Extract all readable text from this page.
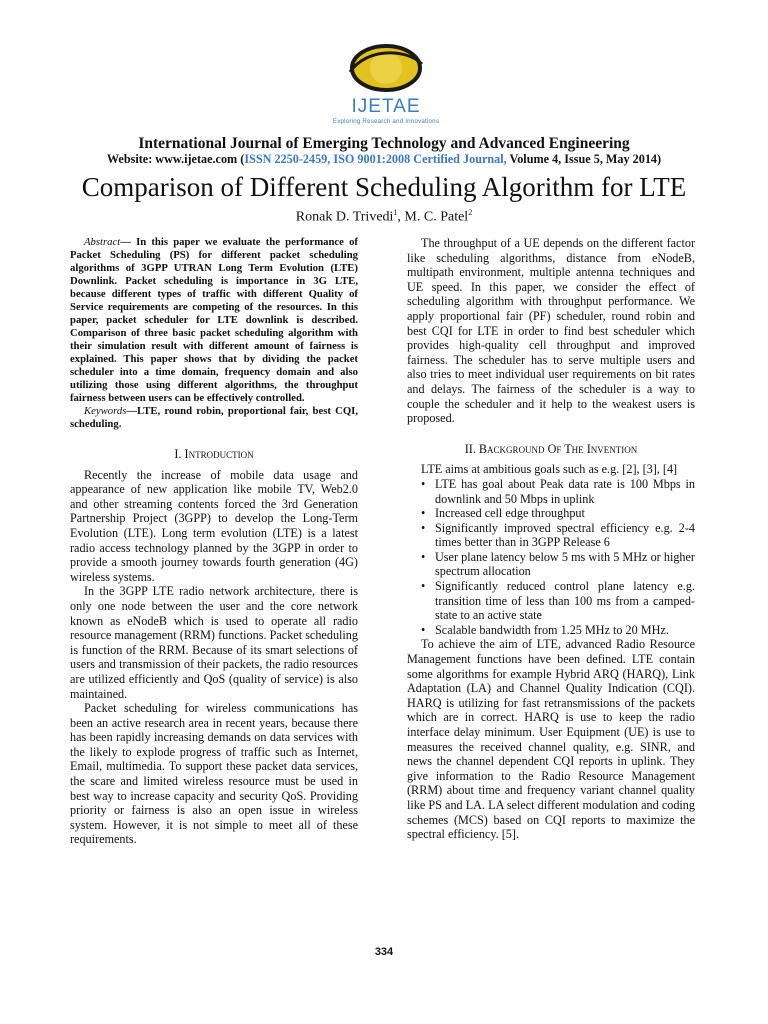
IJETAE
Exploring Research and Innovations
International Journal of Emerging Technology and Advanced Engineering
Website: www.ijetae.com (ISSN 2250-2459, ISO 9001:2008 Certified Journal, Volume 4, Issue 5, May 2014)
Comparison of Different Scheduling Algorithm for LTE
Ronak D. Trivedi$^1$, M. C. Patel$^2$

Abstract— In this paper we evaluate the performance of Packet Scheduling (PS) for different packet scheduling algorithms of 3GPP UTRAN Long Term Evolution (LTE) Downlink. Packet scheduling is importance in 3G LTE, because different types of traffic with different Quality of Service requirements are competing of the resources. In this paper, packet scheduler for LTE downlink is described. Comparison of three basic packet scheduling algorithm with their simulation result with different amount of fairness is explained. This paper shows that by dividing the packet scheduler into a time domain, frequency domain and also utilizing those using different algorithms, the throughput fairness between users can be effectively controlled.

Keywords—LTE, round robin, proportional fair, best CQI, scheduling.

I. Introduction

Recently the increase of mobile data usage and appearance of new application like mobile TV, Web2.0 and other streaming contents forced the 3rd Generation Partnership Project (3GPP) to develop the Long-Term Evolution (LTE). Long term evolution (LTE) is a latest radio access technology planned by the 3GPP in order to provide a smooth journey towards fourth generation (4G) wireless systems.

In the 3GPP LTE radio network architecture, there is only one node between the user and the core network known as eNodeB which is used to operate all radio resource management (RRM) functions. Packet scheduling is function of the RRM. Because of its smart selections of users and transmission of their packets, the radio resources are utilized efficiently and QoS (quality of service) is also maintained.

Packet scheduling for wireless communications has been an active research area in recent years, because there has been rapidly increasing demands on data services with the likely to explode progress of traffic such as Internet, Email, multimedia. To support these packet data services, the scare and limited wireless resource must be used in best way to increase capacity and security QoS. Providing priority or fairness is also an open issue in wireless system. However, it is not simple to meet all of these requirements.

The throughput of a UE depends on the different factor like scheduling algorithms, distance from eNodeB, multipath environment, multiple antenna techniques and UE speed. In this paper, we consider the effect of scheduling algorithm with throughput performance. We apply proportional fair (PF) scheduler, round robin and best CQI for LTE in order to find best scheduler which provides high-quality cell throughput and improved fairness. The scheduler has to serve multiple users and also tries to meet individual user requirements on bit rates and delays. The fairness of the scheduler is a way to couple the scheduler and it help to the weakest users is proposed.

II. Background Of The Invention

LTE aims at ambitious goals such as e.g. [2], [3], [4]

• LTE has goal about Peak data rate is 100 Mbps in downlink and 50 Mbps in uplink
• Increased cell edge throughput
• Significantly improved spectral efficiency e.g. 2-4 times better than in 3GPP Release 6
• User plane latency below 5 ms with 5 MHz or higher spectrum allocation
• Significantly reduced control plane latency e.g. transition time of less than 100 ms from a camped-state to an active state
• Scalable bandwidth from 1.25 MHz to 20 MHz.

To achieve the aim of LTE, advanced Radio Resource Management functions have been defined. LTE contain some algorithms for example Hybrid ARQ (HARQ), Link Adaptation (LA) and Channel Quality Indication (CQI). HARQ is utilizing for fast retransmissions of the packets which are in correct. HARQ is use to keep the radio interface delay minimum. User Equipment (UE) is use to measures the received channel quality, e.g. SINR, and news the channel dependent CQI reports in uplink. They give information to the Radio Resource Management (RRM) about time and frequency variant channel quality like PS and LA. LA select different modulation and coding schemes (MCS) based on CQI reports to maximize the spectral efficiency. [5].

334
